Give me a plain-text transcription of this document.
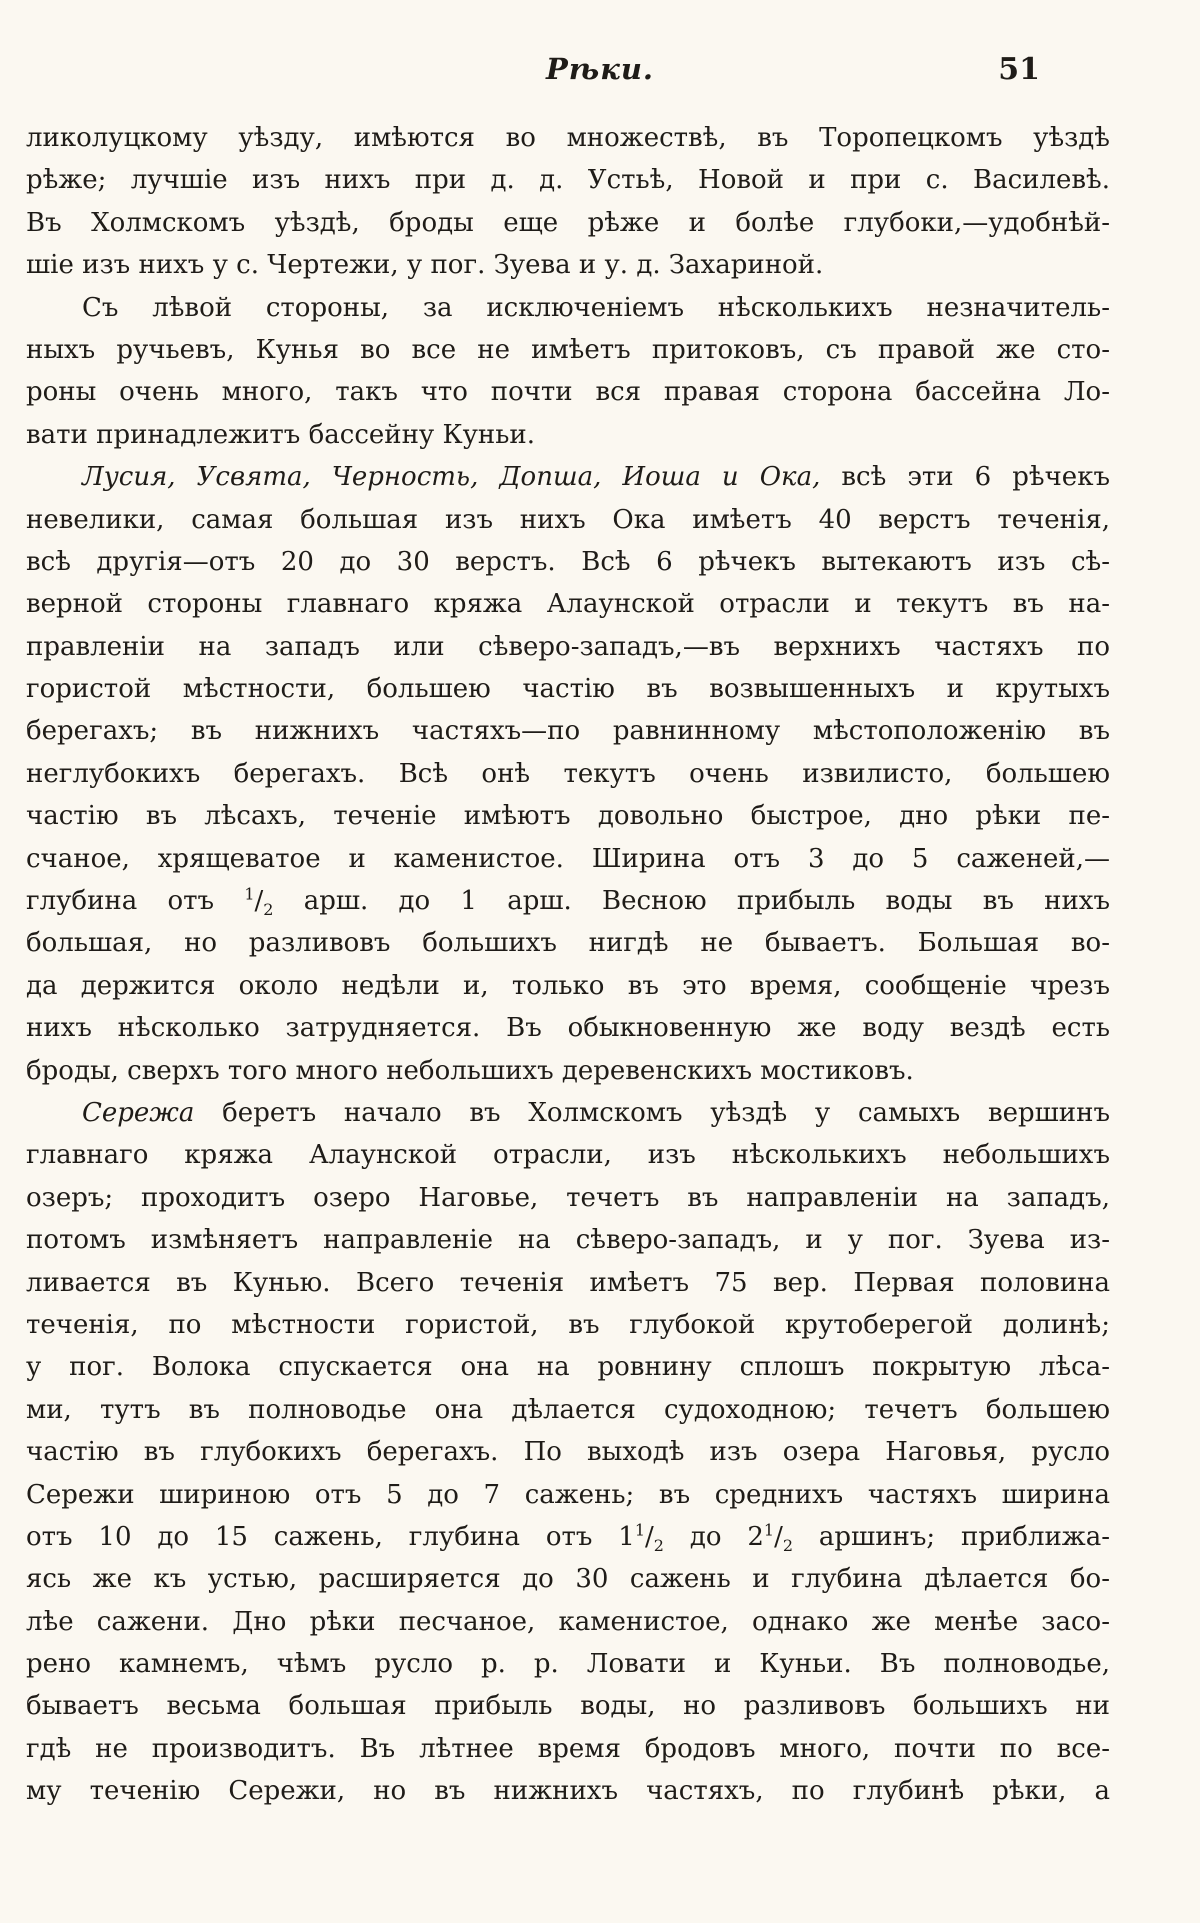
Рѣки.	51
ликолуцкому уѣзду, имѣются во множествѣ, въ Торопецкомъ уѣздѣ
рѣже; лучшіе изъ нихъ при д. д. Устьѣ, Новой и при с. Василевѣ.
Въ Холмскомъ уѣздѣ, броды еще рѣже и болѣе глубоки,—удобнѣй-
шіе изъ нихъ у с. Чертежи, у пог. Зуева и у. д. Захариной.
Съ лѣвой стороны, за исключеніемъ нѣсколькихъ незначитель-
ныхъ ручьевъ, Кунья во все не имѣетъ притоковъ, съ правой же сто-
роны очень много, такъ что почти вся правая сторона бассейна Ло-
вати принадлежитъ бассейну Куньи.
Лусия, Усвята, Черность, Допша, Иоша и Ока, всѣ эти 6 рѣчекъ
невелики, самая большая изъ нихъ Ока имѣетъ 40 верстъ теченія,
всѣ другія—отъ 20 до 30 верстъ. Всѣ 6 рѣчекъ вытекаютъ изъ сѣ-
верной стороны главнаго кряжа Алаунской отрасли и текутъ въ на-
правленіи на западъ или сѣверо-западъ,—въ верхнихъ частяхъ по
гористой мѣстности, большею частію въ возвышенныхъ и крутыхъ
берегахъ; въ нижнихъ частяхъ—по равнинному мѣстоположенію въ
неглубокихъ берегахъ. Всѣ онѣ текутъ очень извилисто, большею
частію въ лѣсахъ, теченіе имѣютъ довольно быстрое, дно рѣки пе-
счаное, хрящеватое и каменистое. Ширина отъ 3 до 5 саженей,—
глубина отъ $^1/_2$ арш. до 1 арш. Весною прибыль воды въ нихъ
большая, но разливовъ большихъ нигдѣ не бываетъ. Большая во-
да держится около недѣли и, только въ это время, сообщеніе чрезъ
нихъ нѣсколько затрудняется. Въ обыкновенную же воду вездѣ есть
броды, сверхъ того много небольшихъ деревенскихъ мостиковъ.
Сережа беретъ начало въ Холмскомъ уѣздѣ у самыхъ вершинъ
главнаго кряжа Алаунской отрасли, изъ нѣсколькихъ небольшихъ
озеръ; проходитъ озеро Наговье, течетъ въ направленіи на западъ,
потомъ измѣняетъ направленіе на сѣверо-западъ, и у пог. Зуева из-
ливается въ Кунью. Всего теченія имѣетъ 75 вер. Первая половина
теченія, по мѣстности гористой, въ глубокой крутоберегой долинѣ;
у пог. Волока спускается она на ровнину сплошъ покрытую лѣса-
ми, тутъ въ полноводье она дѣлается судоходною; течетъ большею
частію въ глубокихъ берегахъ. По выходѣ изъ озера Наговья, русло
Сережи шириною отъ 5 до 7 сажень; въ среднихъ частяхъ ширина
отъ 10 до 15 сажень, глубина отъ $1^1/_2$ до $2^1/_2$ аршинъ; приближа-
ясь же къ устью, расширяется до 30 сажень и глубина дѣлается бо-
лѣе сажени. Дно рѣки песчаное, каменистое, однако же менѣе засо-
рено камнемъ, чѣмъ русло р. р. Ловати и Куньи. Въ полноводье,
бываетъ весьма большая прибыль воды, но разливовъ большихъ ни
гдѣ не производитъ. Въ лѣтнее время бродовъ много, почти по все-
му теченію Сережи, но въ нижнихъ частяхъ, по глубинѣ рѣки, а
